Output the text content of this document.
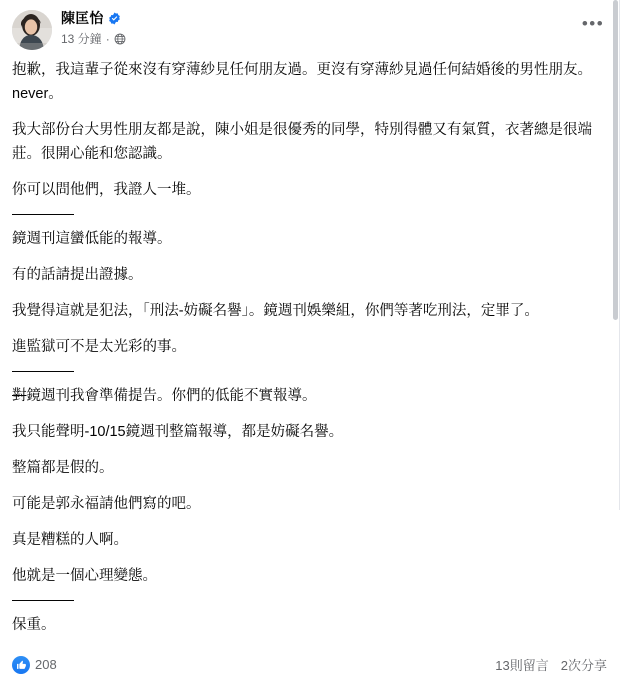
陳匡怡
13 分鐘 ·
•••

抱歉，我這輩子從來沒有穿薄紗見任何朋友過。更沒有穿薄紗見過任何結婚後的男性朋友。never。

我大部份台大男性朋友都是說，陳小姐是很優秀的同學，特別得體又有氣質，衣著總是很端莊。很開心能和您認識。

你可以問他們，我證人一堆。

鏡週刊這蠻低能的報導。

有的話請提出證據。

我覺得這就是犯法，「刑法-妨礙名譽」。鏡週刊娛樂組，你們等著吃刑法，定罪了。

進監獄可不是太光彩的事。

對鏡週刊我會準備提告。你們的低能不實報導。

我只能聲明-10/15鏡週刊整篇報導，都是妨礙名譽。

整篇都是假的。

可能是郭永福請他們寫的吧。

真是糟糕的人啊。

他就是一個心理變態。

保重。

208	13則留言 2次分享
